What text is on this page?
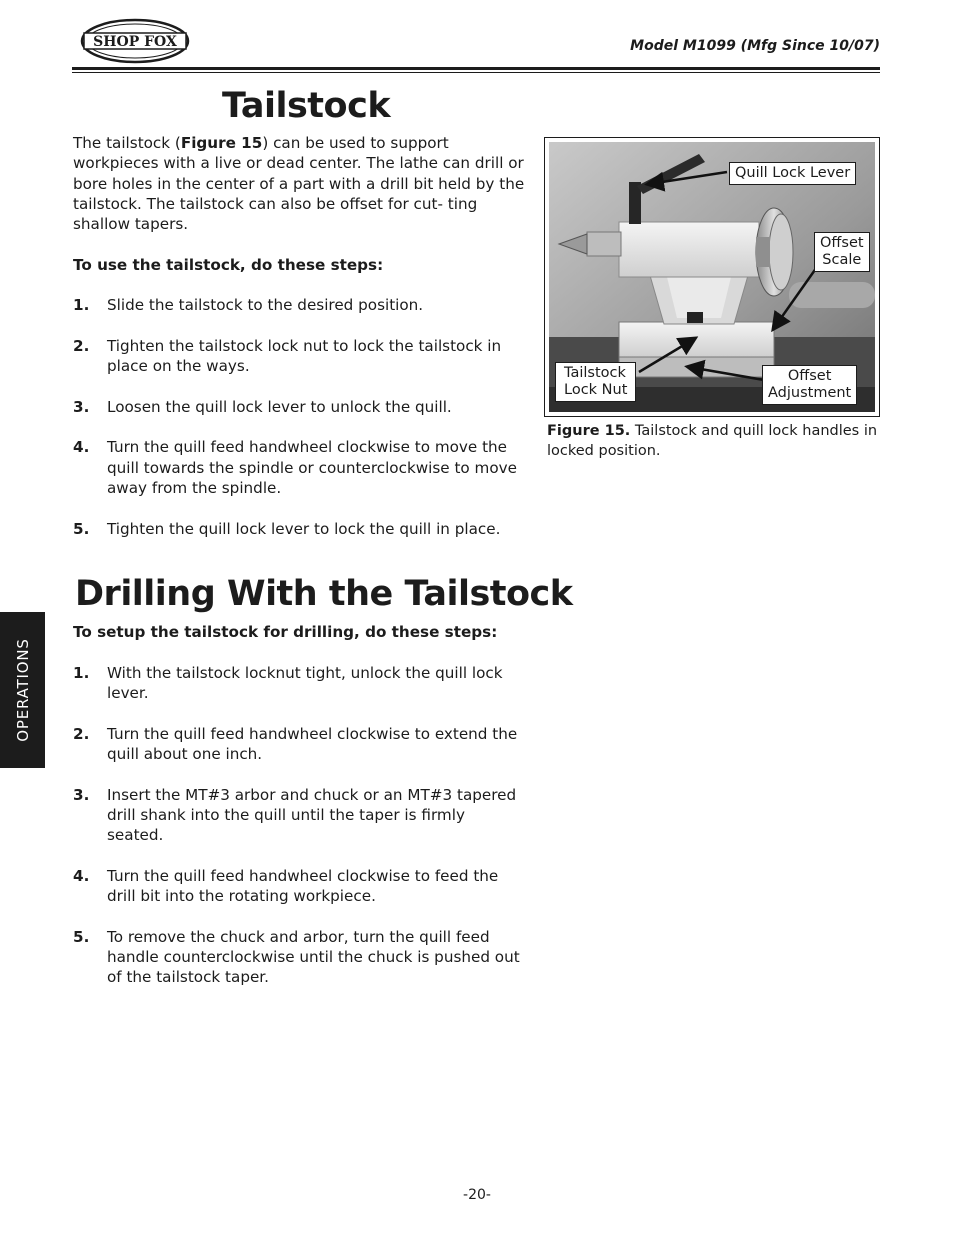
SHOP FOX	Model M1099 (Mfg Since 10/07)
Tailstock

The tailstock (Figure 15) can be used to support workpieces with a live or dead center. The lathe can drill or bore holes in the center of a part with a drill bit held by the tailstock. The tailstock can also be offset for cut- ting shallow tapers.

To use the tailstock, do these steps:

1.	Slide the tailstock to the desired position.
2.	Tighten the tailstock lock nut to lock the tailstock in place on the ways.
3.	Loosen the quill lock lever to unlock the quill.
4.	Turn the quill feed handwheel clockwise to move the quill towards the spindle or counterclockwise to move away from the spindle.
5.	Tighten the quill lock lever to lock the quill in place.
Quill Lock Lever
Offset
Scale
Tailstock
Lock Nut
Offset
Adjustment
Figure 15. Tailstock and quill lock handles in locked position.
Drilling With the Tailstock

To setup the tailstock for drilling, do these steps:

1.	With the tailstock locknut tight, unlock the quill lock lever.
2.	Turn the quill feed handwheel clockwise to extend the quill about one inch.
3.	Insert the MT#3 arbor and chuck or an MT#3 tapered drill shank into the quill until the taper is firmly seated.
4.	Turn the quill feed handwheel clockwise to feed the drill bit into the rotating workpiece.
5.	To remove the chuck and arbor, turn the quill feed handle counterclockwise until the chuck is pushed out of the tailstock taper.
OPERATIONS
-20-
